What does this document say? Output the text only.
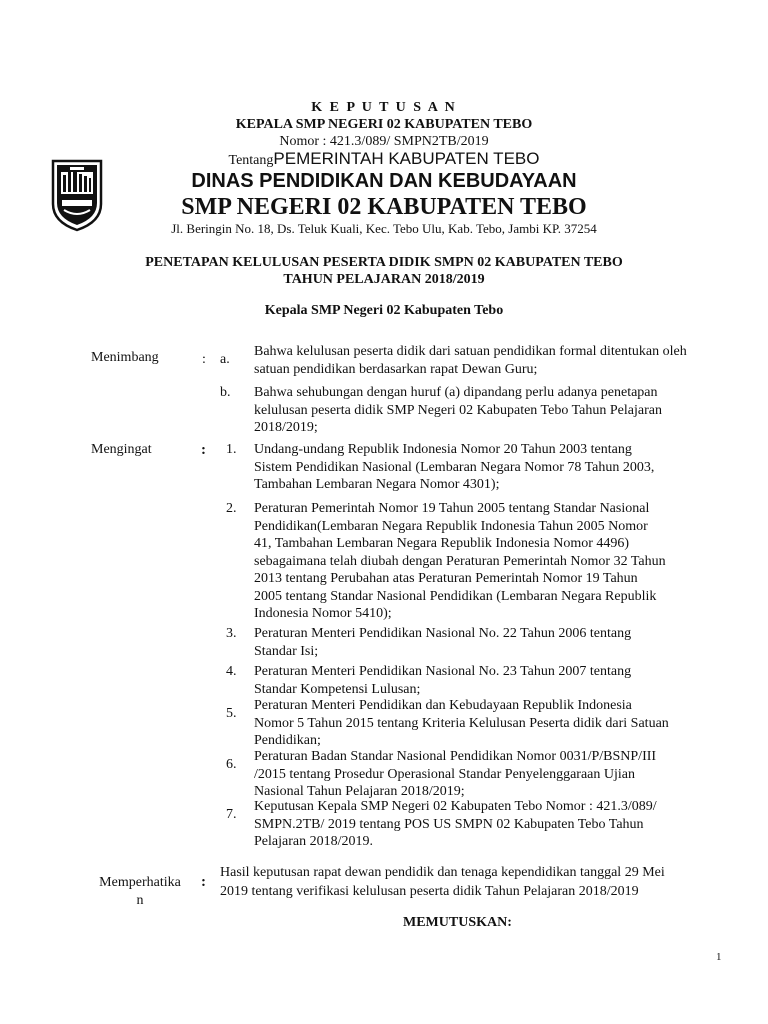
K E P U T U S A N
KEPALA SMP NEGERI 02 KABUPATEN TEBO
Nomor : 421.3/089/ SMPN2TB/2019
TentangPEMERINTAH KABUPATEN TEBO
DINAS PENDIDIKAN DAN KEBUDAYAAN
SMP NEGERI 02 KABUPATEN TEBO
Jl. Beringin No. 18, Ds. Teluk Kuali, Kec. Tebo Ulu, Kab. Tebo, Jambi KP. 37254
PENETAPAN KELULUSAN PESERTA DIDIK SMPN 02 KABUPATEN TEBO
TAHUN PELAJARAN 2018/2019
Kepala SMP Negeri 02 Kabupaten Tebo
Menimbang	: a.
Bahwa kelulusan peserta didik dari satuan pendidikan formal ditentukan oleh
satuan pendidikan berdasarkan rapat Dewan Guru;
b. Bahwa sehubungan dengan huruf (a) dipandang perlu adanya penetapan
kelulusan peserta didik SMP Negeri 02 Kabupaten Tebo Tahun Pelajaran
2018/2019;
Mengingat	: 1. Undang-undang Republik Indonesia Nomor 20 Tahun 2003 tentang
Sistem Pendidikan Nasional (Lembaran Negara Nomor 78 Tahun 2003,
Tambahan Lembaran Negara Nomor 4301);
2. Peraturan Pemerintah Nomor 19 Tahun 2005 tentang Standar Nasional
Pendidikan(Lembaran Negara Republik Indonesia Tahun 2005 Nomor
41, Tambahan Lembaran Negara Republik Indonesia Nomor 4496)
sebagaimana telah diubah dengan Peraturan Pemerintah Nomor 32 Tahun
2013 tentang Perubahan atas Peraturan Pemerintah Nomor 19 Tahun
2005 tentang Standar Nasional Pendidikan (Lembaran Negara Republik
Indonesia Nomor 5410);
3. Peraturan Menteri Pendidikan Nasional No. 22 Tahun 2006 tentang
Standar Isi;
4. Peraturan Menteri Pendidikan Nasional No. 23 Tahun 2007 tentang
Standar Kompetensi Lulusan;
5.
Peraturan Menteri Pendidikan dan Kebudayaan Republik Indonesia
Nomor 5 Tahun 2015 tentang Kriteria Kelulusan Peserta didik dari Satuan
Pendidikan;
6.
Peraturan Badan Standar Nasional Pendidikan Nomor 0031/P/BSNP/III
/2015 tentang Prosedur Operasional Standar Penyelenggaraan Ujian
Nasional Tahun Pelajaran 2018/2019;
7.
Keputusan Kepala SMP Negeri 02 Kabupaten Tebo Nomor : 421.3/089/
SMPN.2TB/ 2019 tentang POS US SMPN 02 Kabupaten Tebo Tahun
Pelajaran 2018/2019.
Memperhatika
n
:
Hasil keputusan rapat dewan pendidik dan tenaga kependidikan tanggal 29 Mei
2019 tentang verifikasi kelulusan peserta didik Tahun Pelajaran 2018/2019
MEMUTUSKAN:
1
